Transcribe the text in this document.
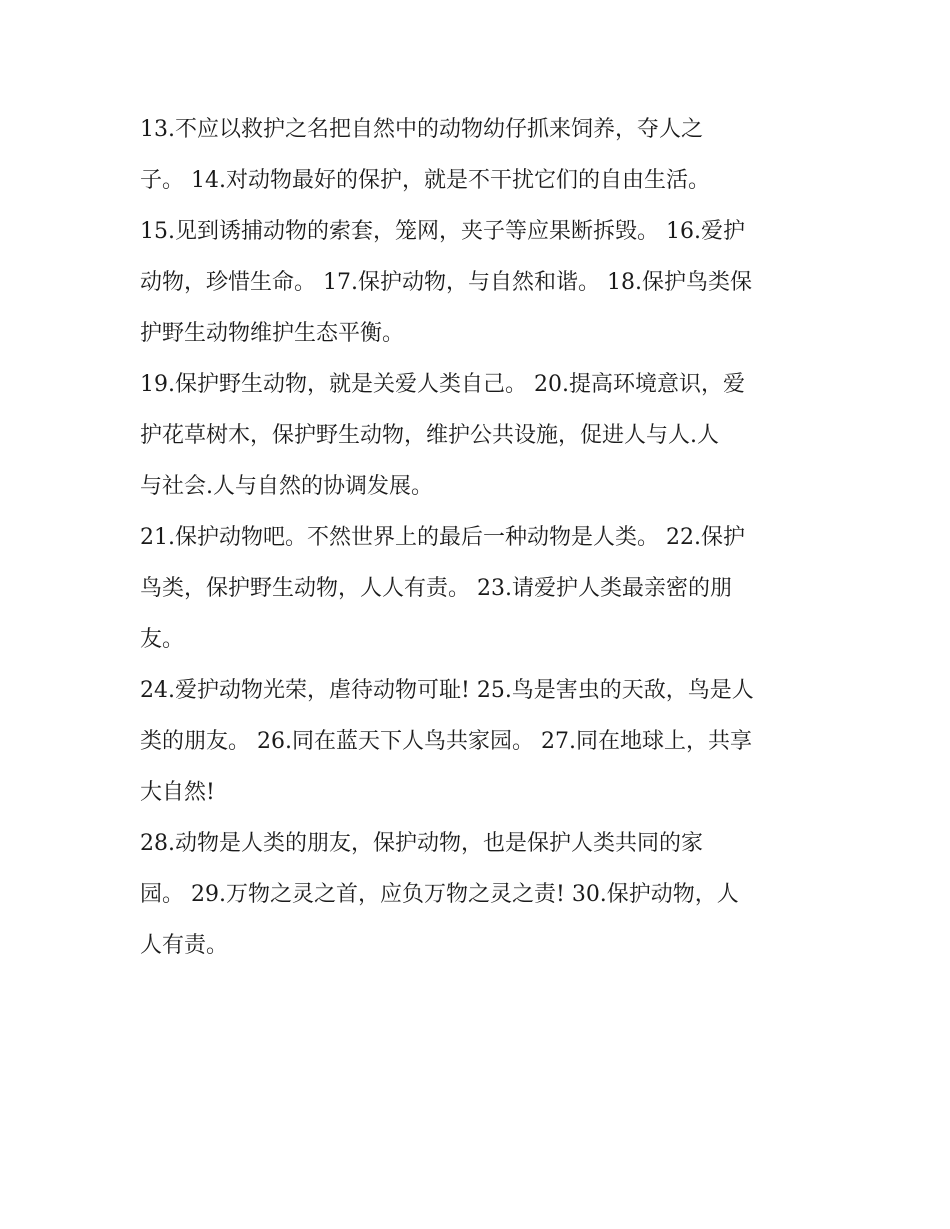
13.不应以救护之名把自然中的动物幼仔抓来饲养，夺人之
子。 14.对动物最好的保护，就是不干扰它们的自由生活。

15.见到诱捕动物的索套，笼网，夹子等应果断拆毁。 16.爱护
动物，珍惜生命。 17.保护动物，与自然和谐。 18.保护鸟类保
护野生动物维护生态平衡。

19.保护野生动物，就是关爱人类自己。 20.提高环境意识，爱
护花草树木，保护野生动物，维护公共设施，促进人与人.人
与社会.人与自然的协调发展。

21.保护动物吧。不然世界上的最后一种动物是人类。 22.保护
鸟类，保护野生动物，人人有责。 23.请爱护人类最亲密的朋
友。

24.爱护动物光荣，虐待动物可耻! 25.鸟是害虫的天敌，鸟是人
类的朋友。 26.同在蓝天下人鸟共家园。 27.同在地球上，共享
大自然!

28.动物是人类的朋友，保护动物，也是保护人类共同的家
园。 29.万物之灵之首，应负万物之灵之责! 30.保护动物，人
人有责。
